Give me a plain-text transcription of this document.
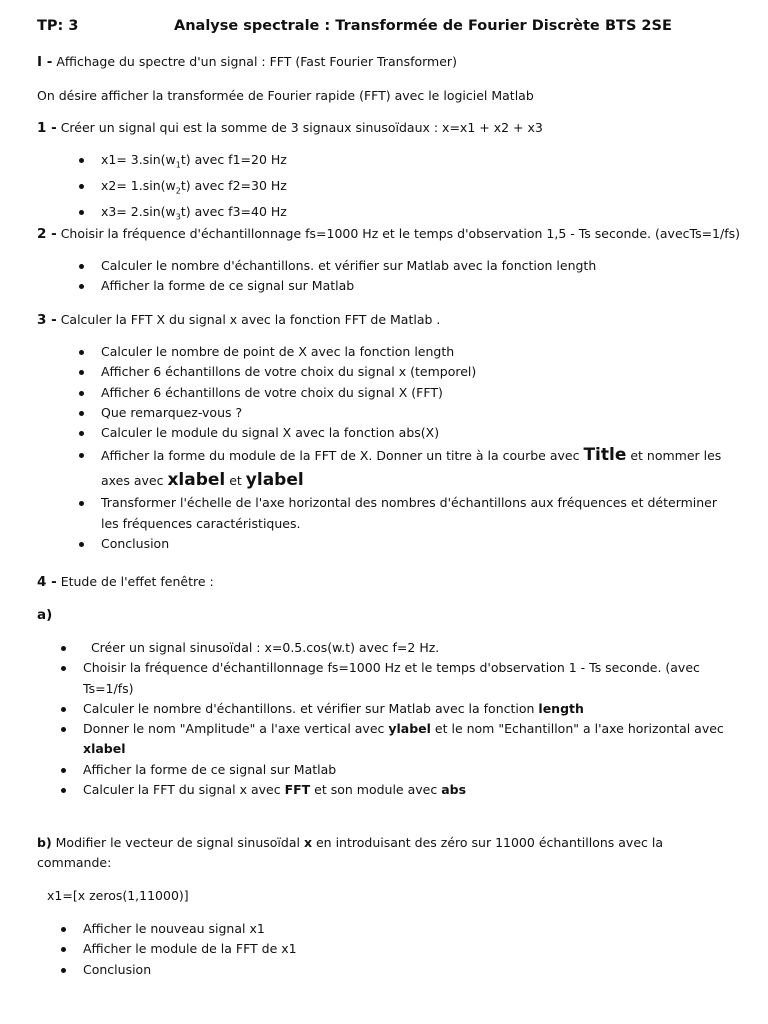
TP: 3	Analyse spectrale : Transformée de Fourier Discrète BTS 2SE
I - Affichage du spectre d'un signal : FFT (Fast Fourier Transformer)
On désire afficher la transformée de Fourier rapide (FFT) avec le logiciel Matlab
1 - Créer un signal qui est la somme de 3 signaux sinusoïdaux : x=x1 + x2 + x3
$x1= 3.\sin(w_1t)$ avec f1=20 Hz
$x2= 1.\sin(w_2t)$ avec f2=30 Hz
$x3= 2.\sin(w_3t)$ avec f3=40 Hz
2 - Choisir la fréquence d'échantillonnage fs=1000 Hz et le temps d'observation 1,5 - Ts seconde. (avecTs=1/fs)
Calculer le nombre d'échantillons. et vérifier sur Matlab avec la fonction length
Afficher la forme de ce signal sur Matlab
3 - Calculer la FFT X du signal x avec la fonction FFT de Matlab .
Calculer le nombre de point de X avec la fonction length
Afficher 6 échantillons de votre choix du signal x (temporel)
Afficher 6 échantillons de votre choix du signal X (FFT)
Que remarquez-vous ?
Calculer le module du signal X avec la fonction abs(X)
Afficher la forme du module de la FFT de X. Donner un titre à la courbe avec Title et nommer les
axes avec xlabel et ylabel
Transformer l'échelle de l'axe horizontal des nombres d'échantillons aux fréquences et déterminer
les fréquences caractéristiques.
Conclusion
4 - Etude de l'effet fenêtre :
a)
Créer un signal sinusoïdal : x=0.5.cos(w.t) avec f=2 Hz.
Choisir la fréquence d'échantillonnage fs=1000 Hz et le temps d'observation 1 - Ts seconde. (avec
Ts=1/fs)
Calculer le nombre d'échantillons. et vérifier sur Matlab avec la fonction length
Donner le nom "Amplitude" a l'axe vertical avec ylabel et le nom "Echantillon" a l'axe horizontal avec
xlabel
Afficher la forme de ce signal sur Matlab
Calculer la FFT du signal x avec FFT et son module avec abs
b) Modifier le vecteur de signal sinusoïdal x en introduisant des zéro sur 11000 échantillons avec la
commande:
x1=[x zeros(1,11000)]
Afficher le nouveau signal x1
Afficher le module de la FFT de x1
Conclusion
